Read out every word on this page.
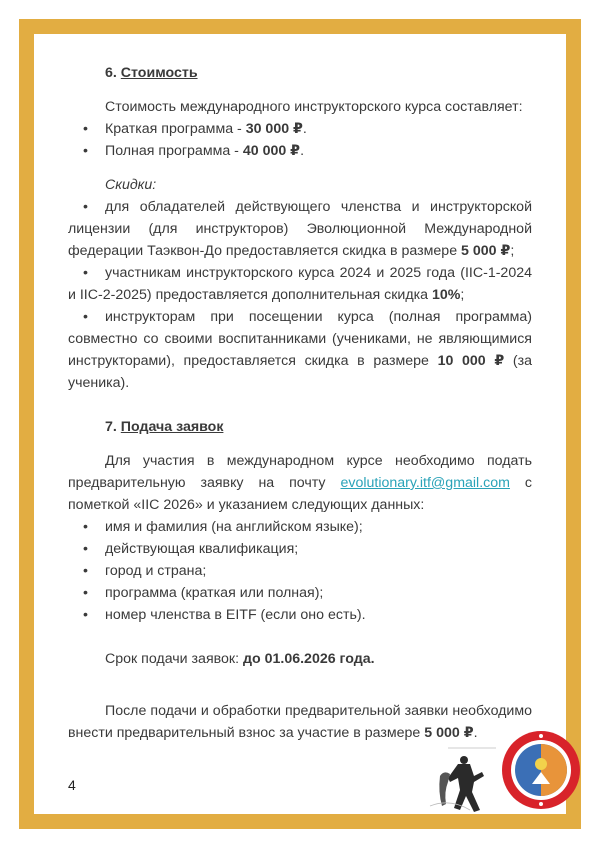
6. Стоимость

Стоимость международного инструкторского курса составляет:

• Краткая программа - 30 000 ₽.
• Полная программа - 40 000 ₽.

Скидки:

• для обладателей действующего членства и инструкторской лицензии (для инструкторов) Эволюционной Международной федерации Таэквон-До предоставляется скидка в размере 5 000 ₽;
• участникам инструкторского курса 2024 и 2025 года (IIC-1-2024 и IIC-2-2025) предоставляется дополнительная скидка 10%;
• инструкторам при посещении курса (полная программа) совместно со своими воспитанниками (учениками, не являющимися инструкторами), предоставляется скидка в размере 10 000 ₽ (за ученика).

7. Подача заявок

Для участия в международном курсе необходимо подать предварительную заявку на почту evolutionary.itf@gmail.com с пометкой «IIC 2026» и указанием следующих данных:

• имя и фамилия (на английском языке);
• действующая квалификация;
• город и страна;
• программа (краткая или полная);
• номер членства в EITF (если оно есть).

Срок подачи заявок: до 01.06.2026 года.

После подачи и обработки предварительной заявки необходимо внести предварительный взнос за участие в размере 5 000 ₽.

4
